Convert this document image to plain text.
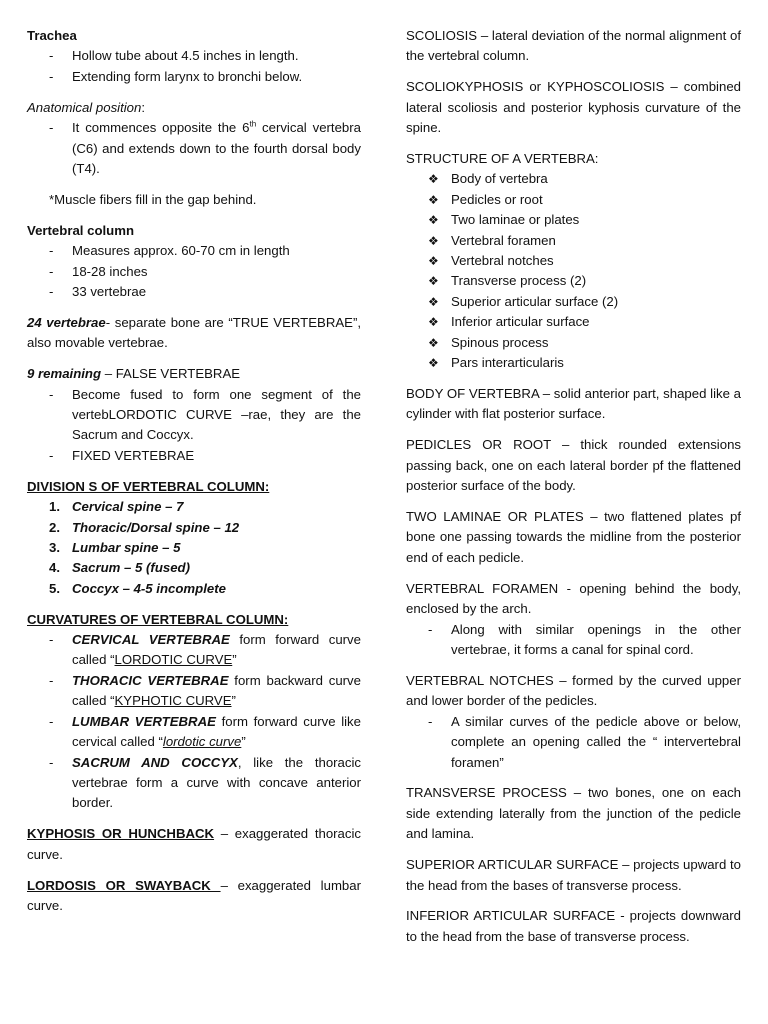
Trachea

- Hollow tube about 4.5 inches in length.
- Extending form larynx to bronchi below.

Anatomical position:

- It commences opposite the 6th cervical vertebra (C6) and extends down to the fourth dorsal body (T4).

*Muscle fibers fill in the gap behind.

Vertebral column

- Measures approx. 60-70 cm in length
- 18-28 inches
- 33 vertebrae

24 vertebrae- separate bone are “TRUE VERTEBRAE”, also movable vertebrae.

9 remaining – FALSE VERTEBRAE

- Become fused to form one segment of the vertebLORDOTIC CURVE –rae, they are the Sacrum and Coccyx.
- FIXED VERTEBRAE

DIVISION S OF VERTEBRAL COLUMN:

1. Cervical spine – 7
2. Thoracic/Dorsal spine – 12
3. Lumbar spine – 5
4. Sacrum – 5 (fused)
5. Coccyx – 4-5 incomplete

CURVATURES OF VERTEBRAL COLUMN:

- CERVICAL VERTEBRAE form forward curve called “LORDOTIC CURVE”
- THORACIC VERTEBRAE form backward curve called “KYPHOTIC CURVE”
- LUMBAR VERTEBRAE form forward curve like cervical called “lordotic curve”
- SACRUM AND COCCYX, like the thoracic vertebrae form a curve with concave anterior border.

KYPHOSIS OR HUNCHBACK – exaggerated thoracic curve.

LORDOSIS OR SWAYBACK – exaggerated lumbar curve.

SCOLIOSIS – lateral deviation of the normal alignment of the vertebral column.

SCOLIOKYPHOSIS or KYPHOSCOLIOSIS – combined lateral scoliosis and posterior kyphosis curvature of the spine.

STRUCTURE OF A VERTEBRA:

❖ Body of vertebra
❖ Pedicles or root
❖ Two laminae or plates
❖ Vertebral foramen
❖ Vertebral notches
❖ Transverse process (2)
❖ Superior articular surface (2)
❖ Inferior articular surface
❖ Spinous process
❖ Pars interarticularis

BODY OF VERTEBRA – solid anterior part, shaped like a cylinder with flat posterior surface.

PEDICLES OR ROOT – thick rounded extensions passing back, one on each lateral border pf the flattened posterior surface of the body.

TWO LAMINAE OR PLATES – two flattened plates pf bone one passing towards the midline from the posterior end of each pedicle.

VERTEBRAL FORAMEN - opening behind the body, enclosed by the arch.

- Along with similar openings in the other vertebrae, it forms a canal for spinal cord.

VERTEBRAL NOTCHES – formed by the curved upper and lower border of the pedicles.

- A similar curves of the pedicle above or below, complete an opening called the “ intervertebral foramen”

TRANSVERSE PROCESS – two bones, one on each side extending laterally from the junction of the pedicle and lamina.

SUPERIOR ARTICULAR SURFACE – projects upward to the head from the bases of transverse process.

INFERIOR ARTICULAR SURFACE - projects downward to the head from the base of transverse process.
